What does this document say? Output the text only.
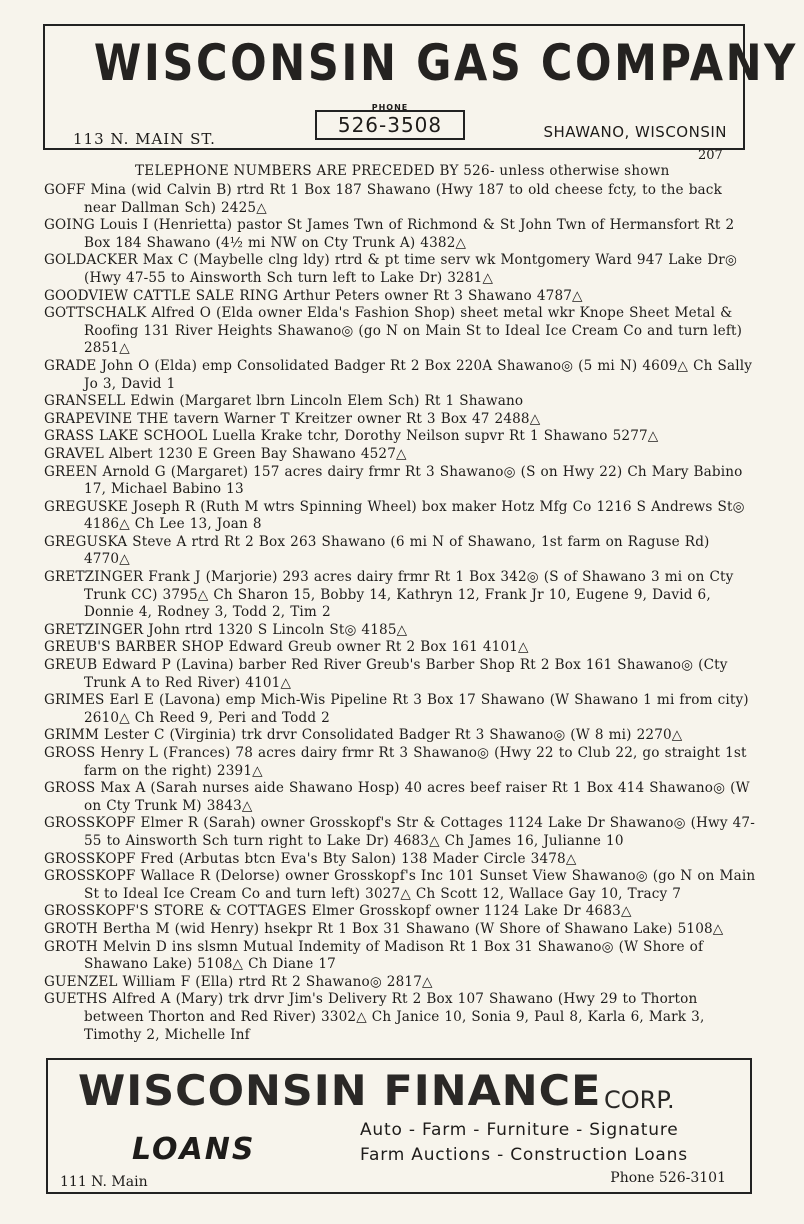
WISCONSIN GAS COMPANY
113 N. MAIN ST.
PHONE
526-3508	SHAWANO, WISCONSIN
207
TELEPHONE NUMBERS ARE PRECEDED BY 526- unless otherwise shown

GOFF Mina (wid Calvin B) rtrd Rt 1 Box 187 Shawano (Hwy 187 to old cheese fcty, to the back near Dallman Sch) 2425△

GOING Louis I (Henrietta) pastor St James Twn of Richmond & St John Twn of Hermansfort Rt 2 Box 184 Shawano (4½ mi NW on Cty Trunk A) 4382△

GOLDACKER Max C (Maybelle clng ldy) rtrd & pt time serv wk Montgomery Ward 947 Lake Dr◎ (Hwy 47-55 to Ainsworth Sch turn left to Lake Dr) 3281△

GOODVIEW CATTLE SALE RING Arthur Peters owner Rt 3 Shawano 4787△

GOTTSCHALK Alfred O (Elda owner Elda's Fashion Shop) sheet metal wkr Knope Sheet Metal & Roofing 131 River Heights Shawano◎ (go N on Main St to Ideal Ice Cream Co and turn left) 2851△

GRADE John O (Elda) emp Consolidated Badger Rt 2 Box 220A Shawano◎ (5 mi N) 4609△ Ch Sally Jo 3, David 1

GRANSELL Edwin (Margaret lbrn Lincoln Elem Sch) Rt 1 Shawano

GRAPEVINE THE tavern Warner T Kreitzer owner Rt 3 Box 47 2488△

GRASS LAKE SCHOOL Luella Krake tchr, Dorothy Neilson supvr Rt 1 Shawano 5277△

GRAVEL Albert 1230 E Green Bay Shawano 4527△

GREEN Arnold G (Margaret) 157 acres dairy frmr Rt 3 Shawano◎ (S on Hwy 22) Ch Mary Babino 17, Michael Babino 13

GREGUSKE Joseph R (Ruth M wtrs Spinning Wheel) box maker Hotz Mfg Co 1216 S Andrews St◎ 4186△ Ch Lee 13, Joan 8

GREGUSKA Steve A rtrd Rt 2 Box 263 Shawano (6 mi N of Shawano, 1st farm on Raguse Rd) 4770△

GRETZINGER Frank J (Marjorie) 293 acres dairy frmr Rt 1 Box 342◎ (S of Shawano 3 mi on Cty Trunk CC) 3795△ Ch Sharon 15, Bobby 14, Kathryn 12, Frank Jr 10, Eugene 9, David 6, Donnie 4, Rodney 3, Todd 2, Tim 2

GRETZINGER John rtrd 1320 S Lincoln St◎ 4185△

GREUB'S BARBER SHOP Edward Greub owner Rt 2 Box 161 4101△

GREUB Edward P (Lavina) barber Red River Greub's Barber Shop Rt 2 Box 161 Shawano◎ (Cty Trunk A to Red River) 4101△

GRIMES Earl E (Lavona) emp Mich-Wis Pipeline Rt 3 Box 17 Shawano (W Shawano 1 mi from city) 2610△ Ch Reed 9, Peri and Todd 2

GRIMM Lester C (Virginia) trk drvr Consolidated Badger Rt 3 Shawano◎ (W 8 mi) 2270△

GROSS Henry L (Frances) 78 acres dairy frmr Rt 3 Shawano◎ (Hwy 22 to Club 22, go straight 1st farm on the right) 2391△

GROSS Max A (Sarah nurses aide Shawano Hosp) 40 acres beef raiser Rt 1 Box 414 Shawano◎ (W on Cty Trunk M) 3843△

GROSSKOPF Elmer R (Sarah) owner Grosskopf's Str & Cottages 1124 Lake Dr Shawano◎ (Hwy 47-55 to Ainsworth Sch turn right to Lake Dr) 4683△ Ch James 16, Julianne 10

GROSSKOPF Fred (Arbutas btcn Eva's Bty Salon) 138 Mader Circle 3478△

GROSSKOPF Wallace R (Delorse) owner Grosskopf's Inc 101 Sunset View Shawano◎ (go N on Main St to Ideal Ice Cream Co and turn left) 3027△ Ch Scott 12, Wallace Gay 10, Tracy 7

GROSSKOPF'S STORE & COTTAGES Elmer Grosskopf owner 1124 Lake Dr 4683△

GROTH Bertha M (wid Henry) hsekpr Rt 1 Box 31 Shawano (W Shore of Shawano Lake) 5108△

GROTH Melvin D ins slsmn Mutual Indemity of Madison Rt 1 Box 31 Shawano◎ (W Shore of Shawano Lake) 5108△ Ch Diane 17

GUENZEL William F (Ella) rtrd Rt 2 Shawano◎ 2817△

GUETHS Alfred A (Mary) trk drvr Jim's Delivery Rt 2 Box 107 Shawano (Hwy 29 to Thorton between Thorton and Red River) 3302△ Ch Janice 10, Sonia 9, Paul 8, Karla 6, Mark 3, Timothy 2, Michelle Inf

WISCONSIN FINANCE CORP.
LOANS
Auto - Farm - Furniture - Signature
Farm Auctions - Construction Loans
111 N. Main	Phone 526-3101
